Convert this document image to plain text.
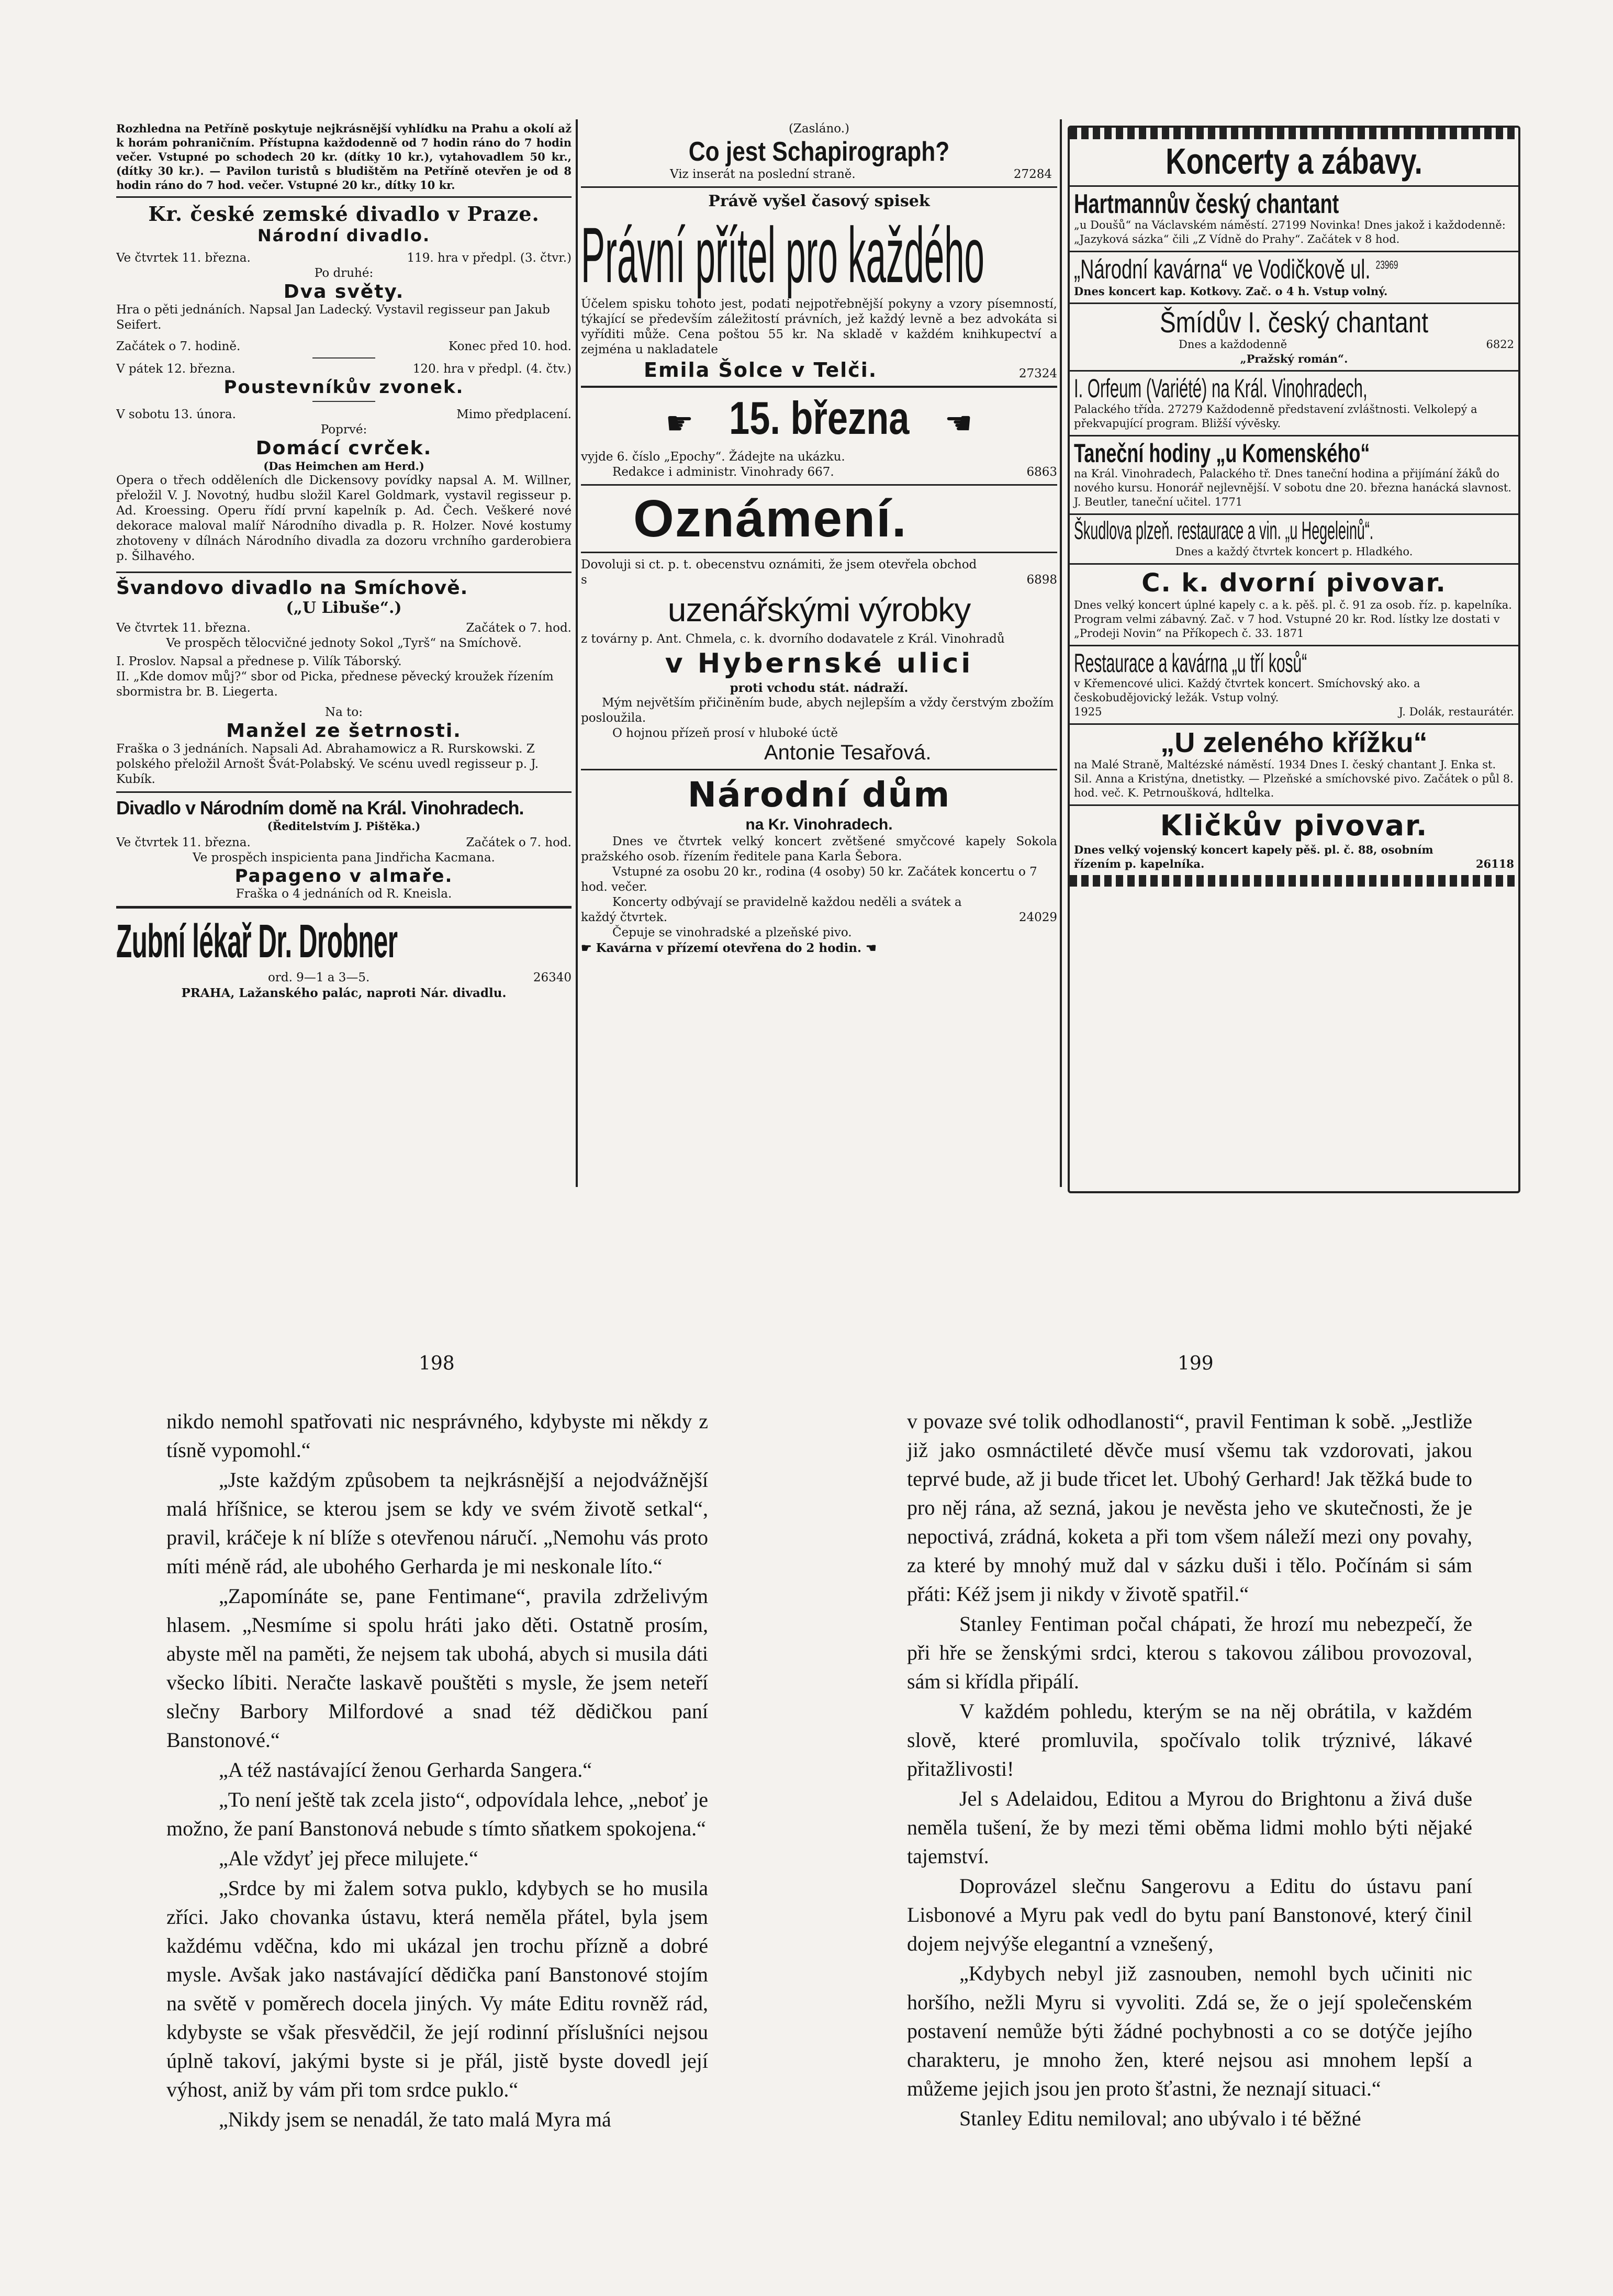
Rozhledna na Petříně poskytuje nejkrásnější vyhlídku na Prahu a okolí až k horám pohraničním. Přístupna každodenně od 7 hodin ráno do 7 hodin večer. Vstupné po schodech 20 kr. (dítky 10 kr.), vytahovadlem 50 kr., (dítky 30 kr.). — Pavilon turistů s bludištěm na Petříně otevřen je od 8 hodin ráno do 7 hod. večer. Vstupné 20 kr., dítky 10 kr.

Kr. české zemské divadlo v Praze.

Národní divadlo.

Ve čtvrtek 11. března.	119. hra v předpl. (3. čtvr.)

Po druhé:

Dva světy.

Hra o pěti jednáních. Napsal Jan Ladecký. Vystavil regisseur pan Jakub Seifert.

Začátek o 7. hodině.	Konec před 10. hod.
V pátek 12. března.	120. hra v předpl. (4. čtv.)

Poustevníkův zvonek.

V sobotu 13. února.	Mimo předplacení.

Poprvé:

Domácí cvrček.

(Das Heimchen am Herd.)

Opera o třech odděleních dle Dickensovy povídky napsal A. M. Willner, přeložil V. J. Novotný, hudbu složil Karel Goldmark, vystavil regisseur p. Ad. Kroessing. Operu řídí první kapelník p. Ad. Čech. Veškeré nové dekorace maloval malíř Národního divadla p. R. Holzer. Nové kostumy zhotoveny v dílnách Národního divadla za dozoru vrchního garderobiera p. Šilhavého.

Švandovo divadlo na Smíchově.

(„U Libuše“.)

Ve čtvrtek 11. března.	Začátek o 7. hod.

Ve prospěch tělocvičné jednoty Sokol „Tyrš“ na Smíchově.

I. Proslov. Napsal a přednese p. Vilík Táborský.

II. „Kde domov můj?“ sbor od Picka, přednese pěvecký kroužek řízením sbormistra br. B. Liegerta.

Na to:

Manžel ze šetrnosti.

Fraška o 3 jednáních. Napsali Ad. Abrahamowicz a R. Rurskowski. Z polského přeložil Arnošt Švát-Polabský. Ve scénu uvedl regisseur p. J. Kubík.

Divadlo v Národním domě na Král. Vinohradech.

(Ředitelstvím J. Pištěka.)

Ve čtvrtek 11. března.	Začátek o 7. hod.

Ve prospěch inspicienta pana Jindřicha Kacmana.

Papageno v almaře.

Fraška o 4 jednáních od R. Kneisla.

Zubní lékař Dr. Drobner

ord. 9—1 a 3—5.	26340

PRAHA, Lažanského palác, naproti Nár. divadlu.

(Zasláno.)

Co jest Schapirograph?

Viz inserát na poslední straně.	27284

Právě vyšel časový spisek

Právní přítel pro každého

Účelem spisku tohoto jest, podati nejpotřebnější pokyny a vzory písemností, týkající se především záležitostí právních, jež každý levně a bez advokáta si vyříditi může. Cena poštou 55 kr. Na skladě v každém knihkupectví a zejména u nakladatele

Emila Šolce v Telči.	27324

☛ 15. března ☚

vyjde 6. číslo „Epochy“. Žádejte na ukázku.

Redakce i administr. Vinohrady 667.	6863

Oznámení.

Dovoluji si ct. p. t. obecenstvu oznámiti, že jsem otevřela obchod s	6898

uzenářskými výrobky

z továrny p. Ant. Chmela, c. k. dvorního dodavatele z Král. Vinohradů

v Hybernské ulici

proti vchodu stát. nádraží.

Mým největším přičiněním bude, abych nejlepším a vždy čerstvým zbožím posloužila.

O hojnou přízeň prosí v hluboké úctě

Antonie Tesařová.

Národní dům

na Kr. Vinohradech.

Dnes ve čtvrtek velký koncert zvětšené smyčcové kapely Sokola pražského osob. řízením ředitele pana Karla Šebora.

Vstupné za osobu 20 kr., rodina (4 osoby) 50 kr. Začátek koncertu o 7 hod. večer.

Koncerty odbývají se pravidelně každou neděli a svátek a každý čtvrtek.	24029

Čepuje se vinohradské a plzeňské pivo.

☛ Kavárna v přízemí otevřena do 2 hodin. ☚

Koncerty a zábavy.

Hartmannův český chantant

„u Doušů“ na Václavském náměstí. 27199 Novinka! Dnes jakož i každodenně: „Jazyková sázka“ čili „Z Vídně do Prahy“. Začátek v 8 hod.

„Národní kavárna“ ve Vodičkově ul. $^{23969}$

Dnes koncert kap. Kotkovy. Zač. o 4 h. Vstup volný.

Šmídův I. český chantant

Dnes a každodenně	6822

„Pražský román“.

I. Orfeum (Variété) na Král. Vinohradech,

Palackého třída. 27279 Každodenně představení zvláštnosti. Velkolepý a překvapující program. Bližší vývěsky.

Taneční hodiny „u Komenského“

na Král. Vinohradech, Palackého tř. Dnes taneční hodina a přijímání žáků do nového kursu. Honorář nejlevnější. V sobotu dne 20. března hanácká slavnost. J. Beutler, taneční učitel. 1771

Škudlova plzeň. restaurace a vin. „u Hegeleinů“.

Dnes a každý čtvrtek koncert p. Hladkého.

C. k. dvorní pivovar.

Dnes velký koncert úplné kapely c. a k. pěš. pl. č. 91 za osob. říz. p. kapelníka. Program velmi zábavný. Zač. v 7 hod. Vstupné 20 kr. Rod. lístky lze dostati v „Prodeji Novin“ na Příkopech č. 33. 1871

Restaurace a kavárna „u tří kosů“

v Křemencové ulici. Každý čtvrtek koncert. Smíchovský ako. a českobudějovický ležák. Vstup volný.

1925	J. Dolák, restaurátér.

„U zeleného křížku“

na Malé Straně, Maltézské náměstí. 1934 Dnes I. český chantant J. Enka st. Sil. Anna a Kristýna, dnetistky. — Plzeňské a smíchovské pivo. Začátek o půl 8. hod. več. K. Petrnoušková, hdltelka.

Kličkův pivovar.

Dnes velký vojenský koncert kapely pěš. pl. č. 88, osobním řízením p. kapelníka.	26118
198	199

nikdo nemohl spatřovati nic nesprávného, kdybyste mi někdy z tísně vypomohl.“

„Jste každým způsobem ta nejkrásnější a nejodvážnější malá hříšnice, se kterou jsem se kdy ve svém životě setkal“, pravil, kráčeje k ní blíže s otevřenou náručí. „Nemohu vás proto míti méně rád, ale ubohého Gerharda je mi neskonale líto.“

„Zapomínáte se, pane Fentimane“, pravila zdrželivým hlasem. „Nesmíme si spolu hráti jako děti. Ostatně prosím, abyste měl na paměti, že nejsem tak ubohá, abych si musila dáti všecko líbiti. Neračte laskavě pouštěti s mysle, že jsem neteří slečny Barbory Milfordové a snad též dědičkou paní Banstonové.“

„A též nastávající ženou Gerharda Sangera.“

„To není ještě tak zcela jisto“, odpovídala lehce, „neboť je možno, že paní Banstonová nebude s tímto sňatkem spokojena.“

„Ale vždyť jej přece milujete.“

„Srdce by mi žalem sotva puklo, kdybych se ho musila zříci. Jako chovanka ústavu, která neměla přátel, byla jsem každému vděčna, kdo mi ukázal jen trochu přízně a dobré mysle. Avšak jako nastávající dědička paní Banstonové stojím na světě v poměrech docela jiných. Vy máte Editu rovněž rád, kdybyste se však přesvědčil, že její rodinní příslušníci nejsou úplně takoví, jakými byste si je přál, jistě byste dovedl její výhost, aniž by vám při tom srdce puklo.“

„Nikdy jsem se nenadál, že tato malá Myra má

v povaze své tolik odhodlanosti“, pravil Fentiman k sobě. „Jestliže již jako osmnáctileté děvče musí všemu tak vzdorovati, jakou teprvé bude, až ji bude třicet let. Ubohý Gerhard! Jak těžká bude to pro něj rána, až sezná, jakou je nevěsta jeho ve skutečnosti, že je nepoctivá, zrádná, koketa a při tom všem náleží mezi ony povahy, za které by mnohý muž dal v sázku duši i tělo. Počínám si sám přáti: Kéž jsem ji nikdy v životě spatřil.“

Stanley Fentiman počal chápati, že hrozí mu nebezpečí, že při hře se ženskými srdci, kterou s takovou zálibou provozoval, sám si křídla připálí.

V každém pohledu, kterým se na něj obrátila, v každém slově, které promluvila, spočívalo tolik trýznivé, lákavé přitažlivosti!

Jel s Adelaidou, Editou a Myrou do Brightonu a živá duše neměla tušení, že by mezi těmi oběma lidmi mohlo býti nějaké tajemství.

Doprovázel slečnu Sangerovu a Editu do ústavu paní Lisbonové a Myru pak vedl do bytu paní Banstonové, který činil dojem nejvýše elegantní a vznešený,

„Kdybych nebyl již zasnouben, nemohl bych učiniti nic horšího, nežli Myru si vyvoliti. Zdá se, že o její společenském postavení nemůže býti žádné pochybnosti a co se dotýče jejího charakteru, je mnoho žen, které nejsou asi mnohem lepší a můžeme jejich jsou jen proto šťastni, že neznají situaci.“

Stanley Editu nemiloval; ano ubývalo i té běžné
